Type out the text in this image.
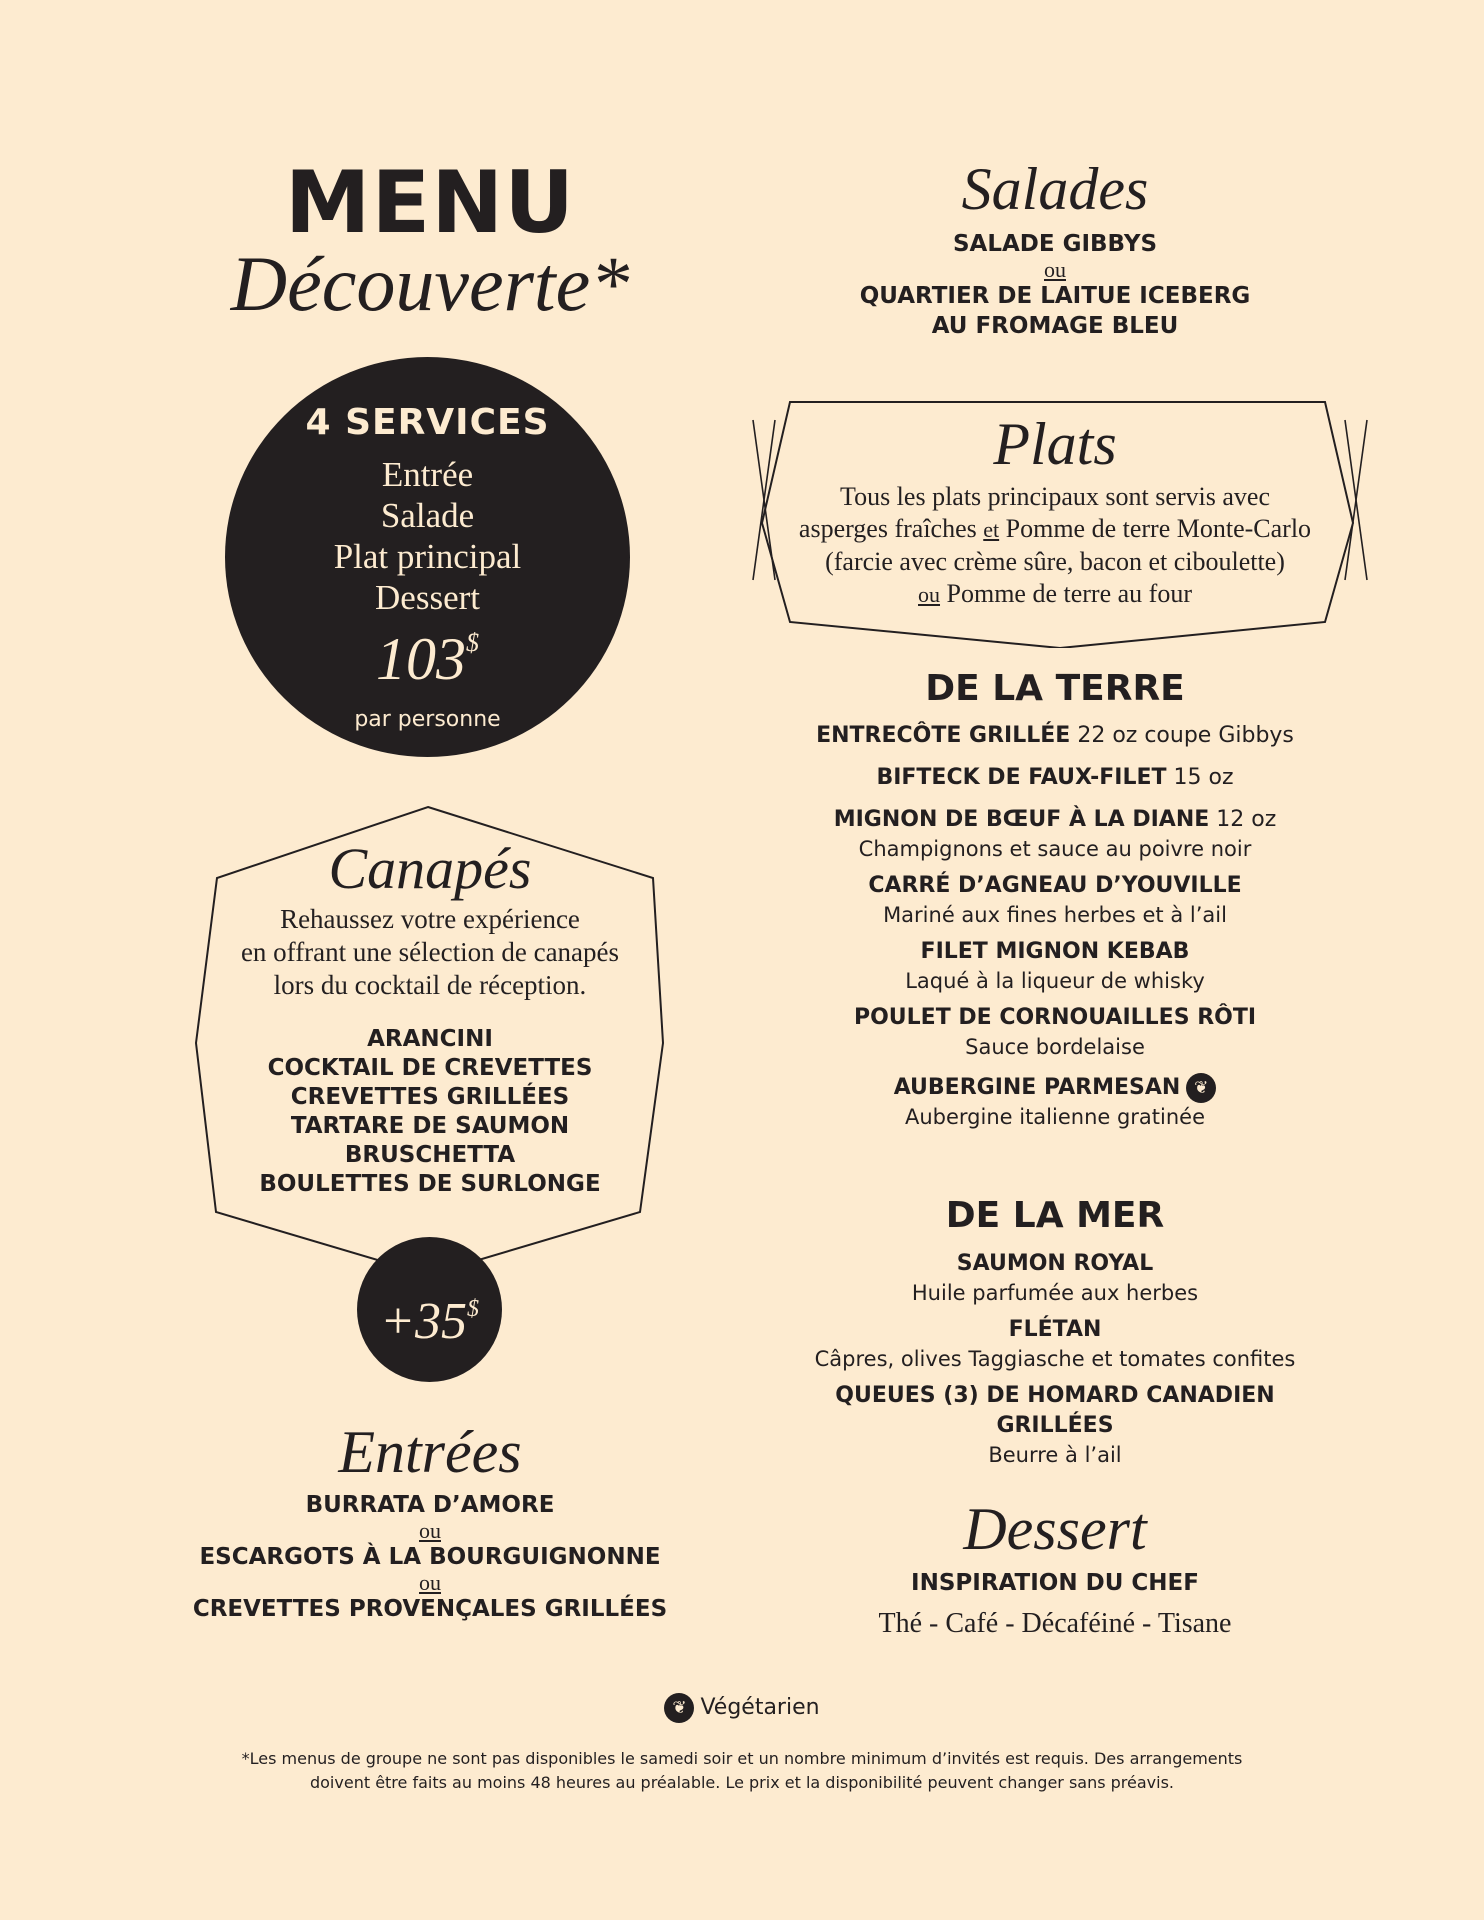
MENU
Découverte*
4 SERVICES
Entrée
Salade
Plat principal
Dessert
103$
par personne
Canapés
Rehaussez votre expérience
en offrant une sélection de canapés
lors du cocktail de réception.
ARANCINI
COCKTAIL DE CREVETTES
CREVETTES GRILLÉES
TARTARE DE SAUMON
BRUSCHETTA
BOULETTES DE SURLONGE
+35$
Entrées
BURRATA D’AMORE
ou
ESCARGOTS À LA BOURGUIGNONNE
ou
CREVETTES PROVENÇALES GRILLÉES
Salades
SALADE GIBBYS
ou
QUARTIER DE LAITUE ICEBERG
AU FROMAGE BLEU
Plats
Tous les plats principaux sont servis avec
asperges fraîches et Pomme de terre Monte-Carlo
(farcie avec crème sûre, bacon et ciboulette)
ou Pomme de terre au four
DE LA TERRE
ENTRECÔTE GRILLÉE 22 oz coupe Gibbys
BIFTECK DE FAUX-FILET 15 oz
MIGNON DE BŒUF À LA DIANE 12 oz
Champignons et sauce au poivre noir
CARRÉ D’AGNEAU D’YOUVILLE
Mariné aux fines herbes et à l’ail
FILET MIGNON KEBAB
Laqué à la liqueur de whisky
POULET DE CORNOUAILLES RÔTI
Sauce bordelaise
AUBERGINE PARMESAN ❦
Aubergine italienne gratinée
DE LA MER
SAUMON ROYAL
Huile parfumée aux herbes
FLÉTAN
Câpres, olives Taggiasche et tomates confites
QUEUES (3) DE HOMARD CANADIEN GRILLÉES
Beurre à l’ail
Dessert
INSPIRATION DU CHEF
Thé - Café - Décaféiné - Tisane
❦ Végétarien
*Les menus de groupe ne sont pas disponibles le samedi soir et un nombre minimum d’invités est requis. Des arrangements
doivent être faits au moins 48 heures au préalable. Le prix et la disponibilité peuvent changer sans préavis.
